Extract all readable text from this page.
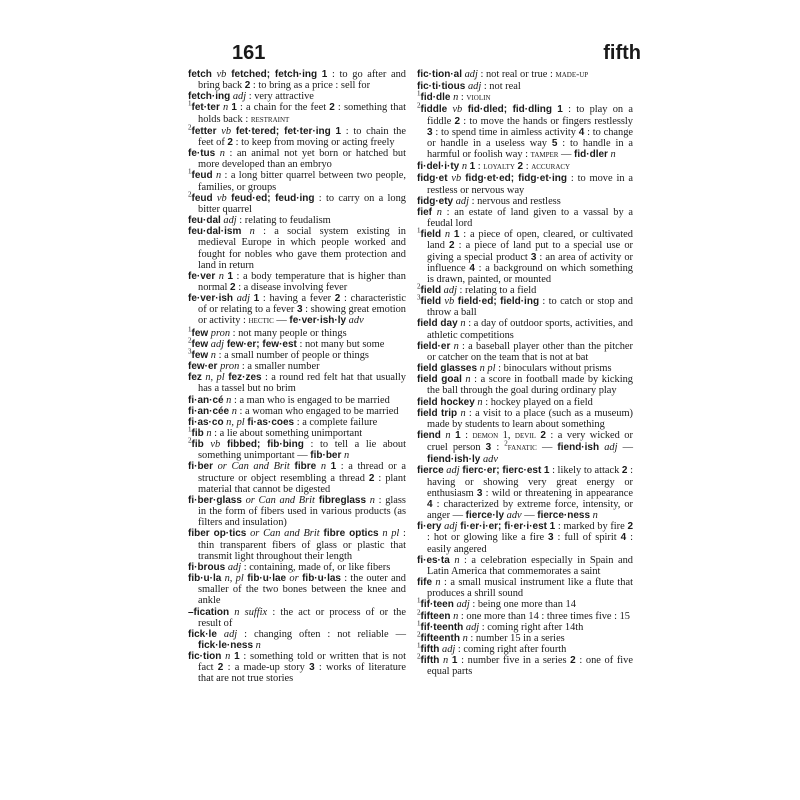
161	fifth

fetch vb fetched; fetch·ing 1 : to go after and bring back 2 : to bring as a price : sell for

fetch·ing adj : very attractive

$^1$fet·ter n 1 : a chain for the feet 2 : something that holds back : restraint

$^2$fetter vb fet·tered; fet·ter·ing 1 : to chain the feet of 2 : to keep from moving or acting freely

fe·tus n : an animal not yet born or hatched but more developed than an embryo

$^1$feud n : a long bitter quarrel between two people, families, or groups

$^2$feud vb feud·ed; feud·ing : to carry on a long bitter quarrel

feu·dal adj : relating to feudalism

feu·dal·ism n : a social system existing in medieval Europe in which people worked and fought for nobles who gave them protection and land in return

fe·ver n 1 : a body temperature that is higher than normal 2 : a disease involving fever

fe·ver·ish adj 1 : having a fever 2 : characteristic of or relating to a fever 3 : showing great emotion or activity : hectic — fe·ver·ish·ly adv

$^1$few pron : not many people or things

$^2$few adj few·er; few·est : not many but some

$^3$few n : a small number of people or things

few·er pron : a smaller number

fez n, pl fez·zes : a round red felt hat that usually has a tassel but no brim

fi·an·cé n : a man who is engaged to be married

fi·an·cée n : a woman who engaged to be married

fi·as·co n, pl fi·as·coes : a complete failure

$^1$fib n : a lie about something unimportant

$^2$fib vb fibbed; fib·bing : to tell a lie about something unimportant — fib·ber n

fi·ber or Can and Brit fibre n 1 : a thread or a structure or object resembling a thread 2 : plant material that cannot be digested

fi·ber·glass or Can and Brit fibreglass n : glass in the form of fibers used in various products (as filters and insulation)

fiber op·tics or Can and Brit fibre optics n pl : thin transparent fibers of glass or plastic that transmit light throughout their length

fi·brous adj : containing, made of, or like fibers

fib·u·la n, pl fib·u·lae or fib·u·las : the outer and smaller of the two bones between the knee and ankle

–fication n suffix : the act or process of or the result of

fick·le adj : changing often : not reliable — fick·le·ness n

fic·tion n 1 : something told or written that is not fact 2 : a made-up story 3 : works of literature that are not true stories

fic·tion·al adj : not real or true : made-up

fic·ti·tious adj : not real

$^1$fid·dle n : violin

$^2$fiddle vb fid·dled; fid·dling 1 : to play on a fiddle 2 : to move the hands or fingers restlessly 3 : to spend time in aimless activity 4 : to change or handle in a useless way 5 : to handle in a harmful or foolish way : tamper — fid·dler n

fi·del·i·ty n 1 : loyalty 2 : accuracy

fidg·et vb fidg·et·ed; fidg·et·ing : to move in a restless or nervous way

fidg·ety adj : nervous and restless

fief n : an estate of land given to a vassal by a feudal lord

$^1$field n 1 : a piece of open, cleared, or cultivated land 2 : a piece of land put to a special use or giving a special product 3 : an area of activity or influence 4 : a background on which something is drawn, painted, or mounted

$^2$field adj : relating to a field

$^3$field vb field·ed; field·ing : to catch or stop and throw a ball

field day n : a day of outdoor sports, activities, and athletic competitions

field·er n : a baseball player other than the pitcher or catcher on the team that is not at bat

field glasses n pl : binoculars without prisms

field goal n : a score in football made by kicking the ball through the goal during ordinary play

field hockey n : hockey played on a field

field trip n : a visit to a place (such as a museum) made by students to learn about something

fiend n 1 : demon 1, devil 2 : a very wicked or cruel person 3 : $^2$fanatic — fiend·ish adj — fiend·ish·ly adv

fierce adj fierc·er; fierc·est 1 : likely to attack 2 : having or showing very great energy or enthusiasm 3 : wild or threatening in appearance 4 : characterized by extreme force, intensity, or anger — fierce·ly adv — fierce·ness n

fi·ery adj fi·er·i·er; fi·er·i·est 1 : marked by fire 2 : hot or glowing like a fire 3 : full of spirit 4 : easily angered

fi·es·ta n : a celebration especially in Spain and Latin America that commemorates a saint

fife n : a small musical instrument like a flute that produces a shrill sound

$^1$fif·teen adj : being one more than 14

$^2$fifteen n : one more than 14 : three times five : 15

$^1$fif·teenth adj : coming right after 14th

$^2$fifteenth n : number 15 in a series

$^1$fifth adj : coming right after fourth

$^2$fifth n 1 : number five in a series 2 : one of five equal parts
